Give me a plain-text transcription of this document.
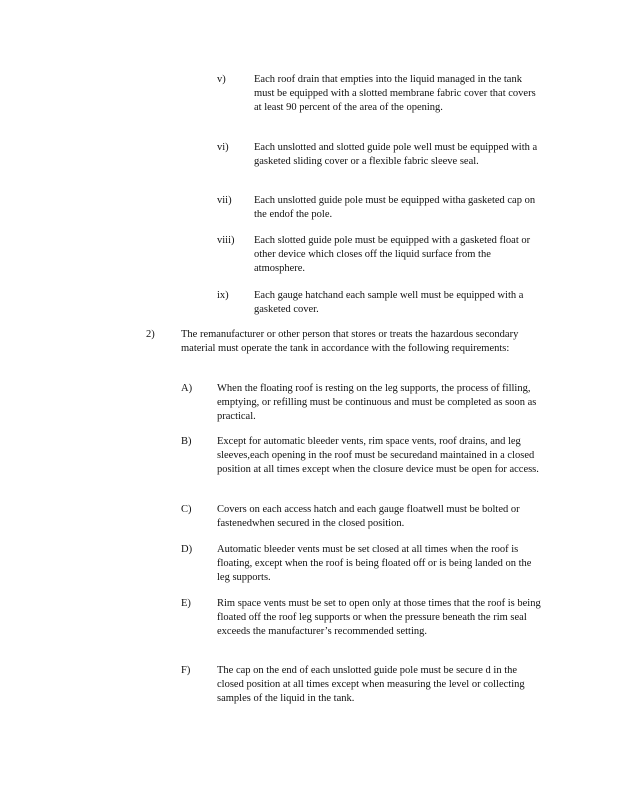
v)	Each roof drain that empties into the liquid managed in the tank must be equipped with a slotted membrane fabric cover that covers at least 90 percent of the area of the opening.
vi) Each unslotted and slotted guide pole well must be equipped with a gasketed sliding cover or a flexible fabric sleeve seal.
vii) Each unslotted guide pole must be equipped witha gasketed cap on the endof the pole.
viii) Each slotted guide pole must be equipped with a gasketed float or other device which closes off the liquid surface from the atmosphere.
ix) Each gauge hatchand each sample well must be equipped with a gasketed cover.
2)	The remanufacturer or other person that stores or treats the hazardous secondary material must operate the tank in accordance with the following requirements:
A) When the floating roof is resting on the leg supports, the process of filling, emptying, or refilling must be continuous and must be completed as soon as practical.
B) Except for automatic bleeder vents, rim space vents, roof drains, and leg sleeves,each opening in the roof must be securedand maintained in a closed position at all times except when the closure device must be open for access.
C) Covers on each access hatch and each gauge floatwell must be bolted or fastenedwhen secured in the closed position.
D) Automatic bleeder vents must be set closed at all times when the roof is floating, except when the roof is being floated off or is being landed on the leg supports.
E) Rim space vents must be set to open only at those times that the roof is being floated off the roof leg supports or when the pressure beneath the rim seal exceeds the manufacturer’s recommended setting.
F)	The cap on the end of each unslotted guide pole must be secure d in the closed position at all times except when measuring the level or collecting samples of the liquid in the tank.
